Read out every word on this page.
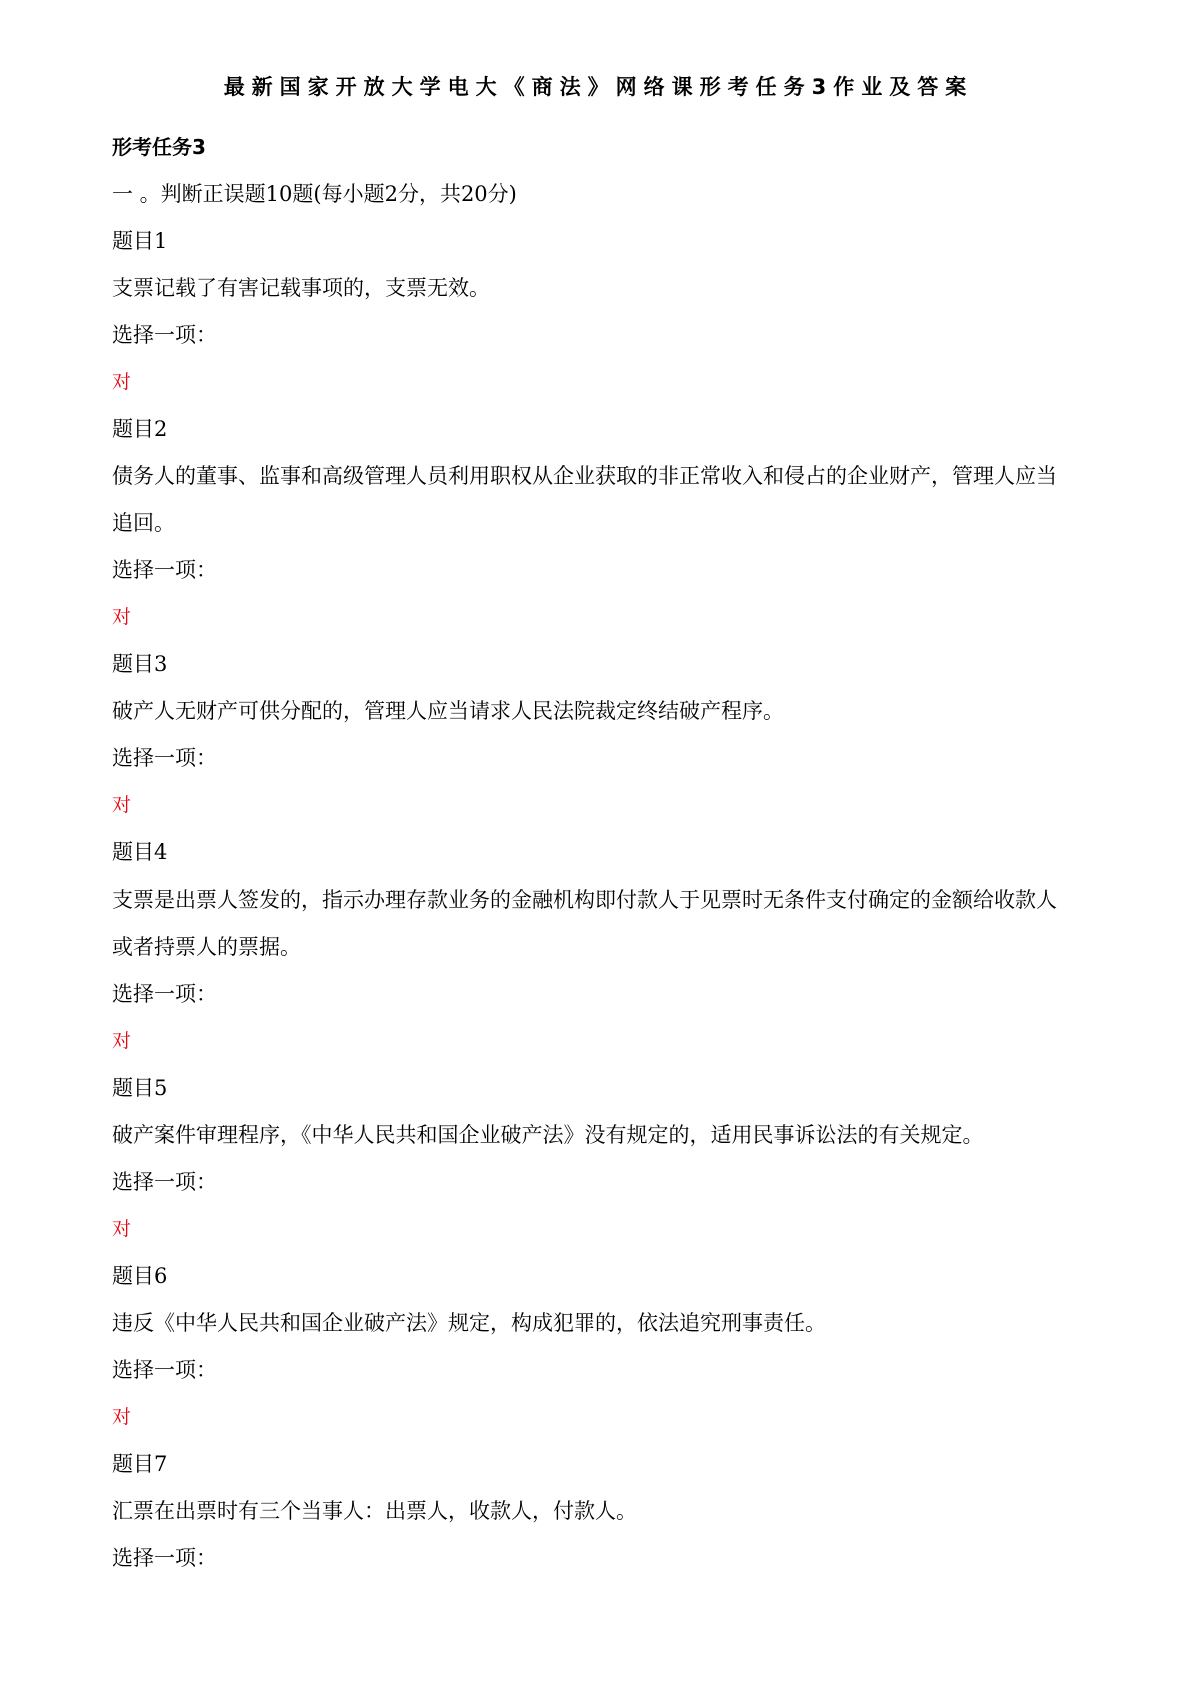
最新国家开放大学电大《商法》网络课形考任务3作业及答案
形考任务3
一 。判断正误题10题(每小题2分，共20分)
题目1
支票记载了有害记载事项的，支票无效。
选择一项：
对
题目2
债务人的董事、监事和高级管理人员利用职权从企业获取的非正常收入和侵占的企业财产，管理人应当
追回。
选择一项：
对
题目3
破产人无财产可供分配的，管理人应当请求人民法院裁定终结破产程序。
选择一项：
对
题目4
支票是出票人签发的，指示办理存款业务的金融机构即付款人于见票时无条件支付确定的金额给收款人
或者持票人的票据。
选择一项：
对
题目5
破产案件审理程序，《中华人民共和国企业破产法》没有规定的，适用民事诉讼法的有关规定。
选择一项：
对
题目6
违反《中华人民共和国企业破产法》规定，构成犯罪的，依法追究刑事责任。
选择一项：
对
题目7
汇票在出票时有三个当事人：出票人，收款人，付款人。
选择一项：
